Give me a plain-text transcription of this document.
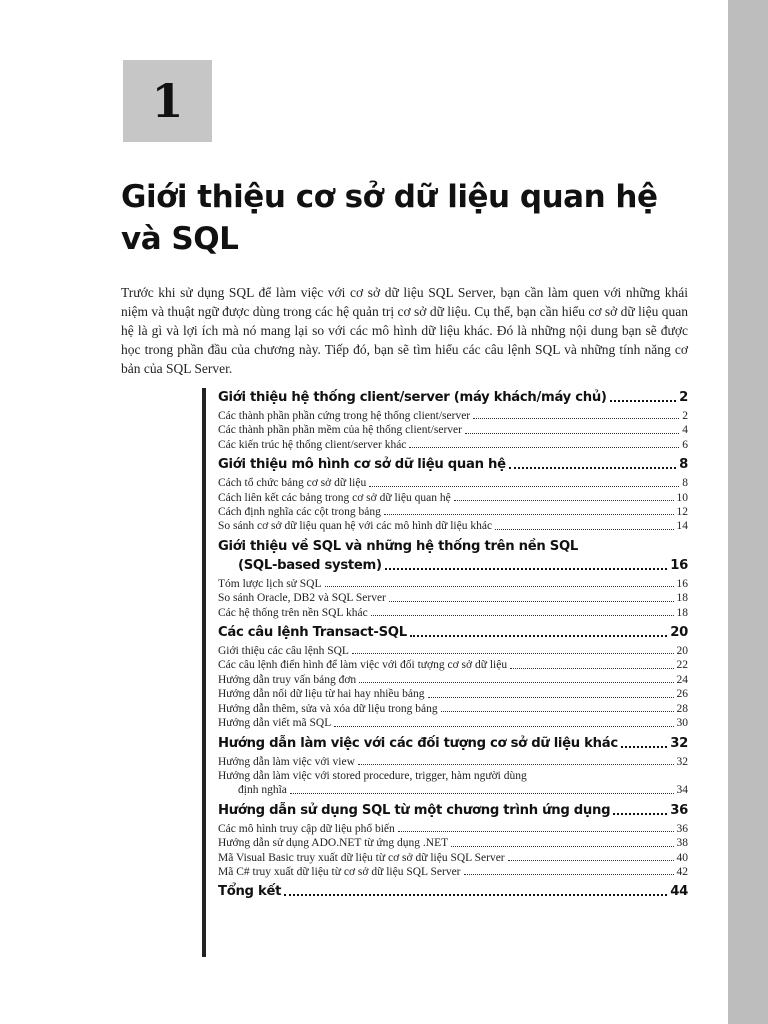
1
Giới thiệu cơ sở dữ liệu quan hệ
và SQL

Trước khi sử dụng SQL để làm việc với cơ sở dữ liệu SQL Server, bạn cần làm quen với những khái niệm và thuật ngữ được dùng trong các hệ quản trị cơ sở dữ liệu. Cụ thể, bạn cần hiểu cơ sở dữ liệu quan hệ là gì và lợi ích mà nó mang lại so với các mô hình dữ liệu khác. Đó là những nội dung bạn sẽ được học trong phần đầu của chương này. Tiếp đó, bạn sẽ tìm hiểu các câu lệnh SQL và những tính năng cơ bản của SQL Server.

Giới thiệu hệ thống client/server (máy khách/máy chủ)	2
Các thành phần phần cứng trong hệ thống client/server	2
Các thành phần phần mềm của hệ thống client/server	4
Các kiến trúc hệ thống client/server khác	6
Giới thiệu mô hình cơ sở dữ liệu quan hệ	8
Cách tổ chức bảng cơ sở dữ liệu	8
Cách liên kết các bảng trong cơ sở dữ liệu quan hệ	10
Cách định nghĩa các cột trong bảng	12
So sánh cơ sở dữ liệu quan hệ với các mô hình dữ liệu khác	14
Giới thiệu về SQL và những hệ thống trên nền SQL
(SQL-based system)	16
Tóm lược lịch sử SQL	16
So sánh Oracle, DB2 và SQL Server	18
Các hệ thống trên nền SQL khác	18
Các câu lệnh Transact-SQL	20
Giới thiệu các câu lệnh SQL	20
Các câu lệnh điển hình để làm việc với đối tượng cơ sở dữ liệu	22
Hướng dẫn truy vấn bảng đơn	24
Hướng dẫn nối dữ liệu từ hai hay nhiều bảng	26
Hướng dẫn thêm, sửa và xóa dữ liệu trong bảng	28
Hướng dẫn viết mã SQL	30
Hướng dẫn làm việc với các đối tượng cơ sở dữ liệu khác	32
Hướng dẫn làm việc với view	32
Hướng dẫn làm việc với stored procedure, trigger, hàm người dùng
định nghĩa	34
Hướng dẫn sử dụng SQL từ một chương trình ứng dụng	36
Các mô hình truy cập dữ liệu phổ biến	36
Hướng dẫn sử dụng ADO.NET từ ứng dụng .NET	38
Mã Visual Basic truy xuất dữ liệu từ cơ sở dữ liệu SQL Server	40
Mã C# truy xuất dữ liệu từ cơ sở dữ liệu SQL Server	42
Tổng kết	44
